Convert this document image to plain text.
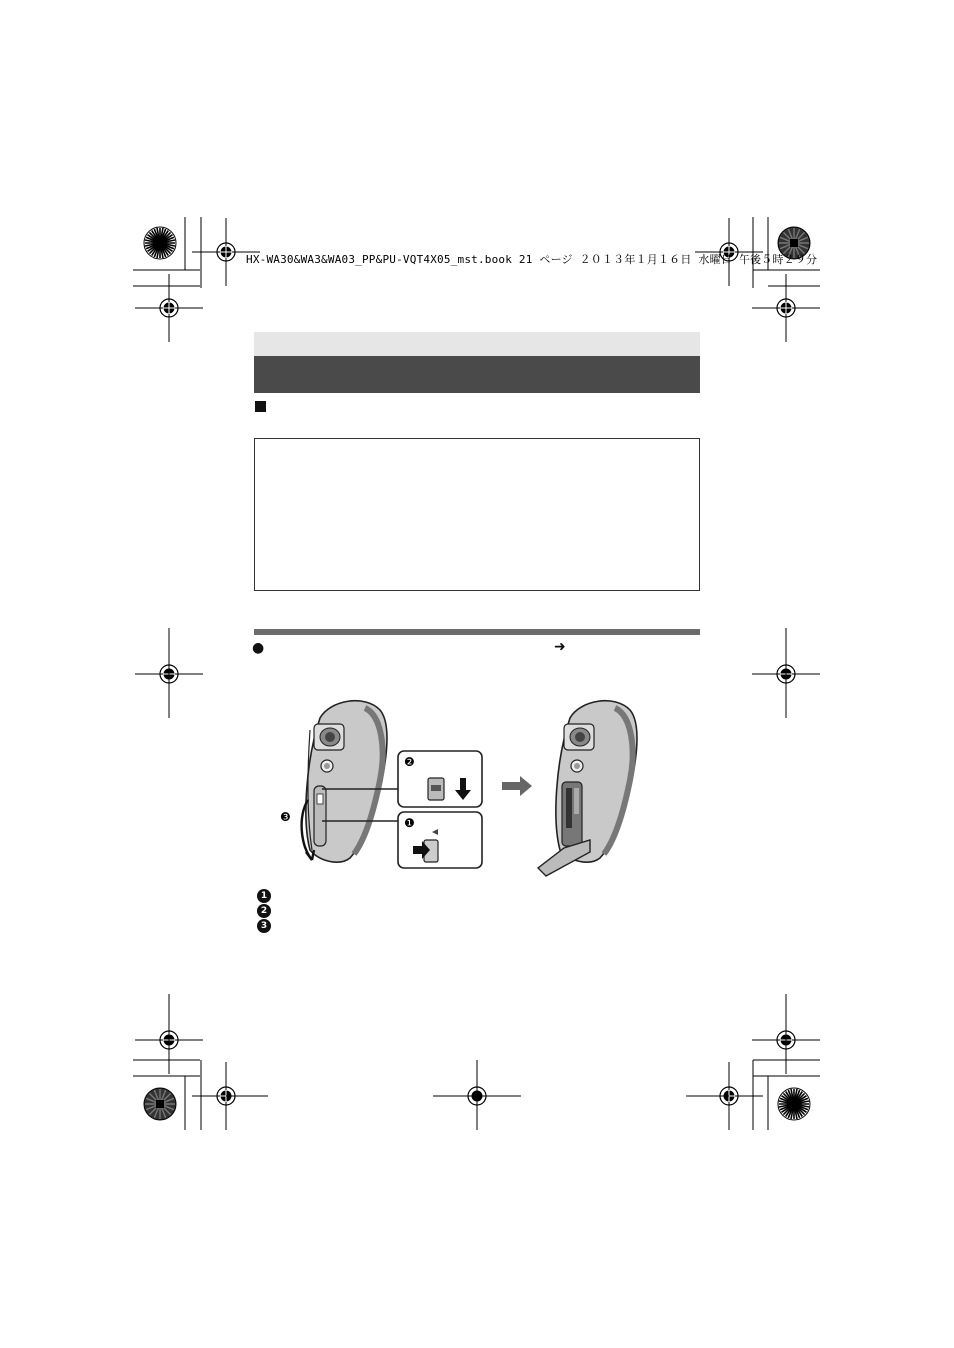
HX-WA30&WA3&WA03_PP&PU-VQT4X05_mst.book 21 ページ ２０１３年１月１６日 水曜日 午後５時２９分
●	➜
❷
❶
❸
1
2
3
